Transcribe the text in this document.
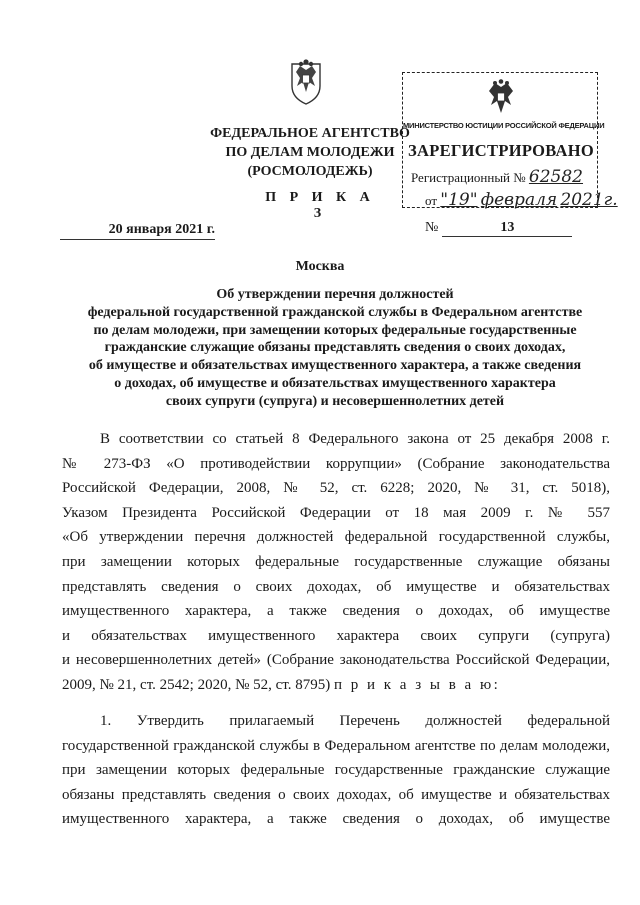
ФЕДЕРАЛЬНОЕ АГЕНТСТВО
ПО ДЕЛАМ МОЛОДЕЖИ
(РОСМОЛОДЕЖЬ)
П Р И К А З
МИНИСТЕРСТВО ЮСТИЦИИ РОССИЙСКОЙ ФЕДЕРАЦИИ
ЗАРЕГИСТРИРОВАНО
Регистрационный № 62582
от "19" февраля 2021г.
20 января 2021 г.	№	13
Москва
Об утверждении перечня должностей
федеральной государственной гражданской службы в Федеральном агентстве
по делам молодежи, при замещении которых федеральные государственные
гражданские служащие обязаны представлять сведения о своих доходах,
об имуществе и обязательствах имущественного характера, а также сведения
о доходах, об имуществе и обязательствах имущественного характера
своих супруги (супруга) и несовершеннолетних детей
В соответствии со статьей 8 Федерального закона от 25 декабря 2008 г.
№ 273-ФЗ «О противодействии коррупции» (Собрание законодательства
Российской Федерации, 2008, № 52, ст. 6228; 2020, № 31, ст. 5018),
Указом Президента Российской Федерации от 18 мая 2009 г. № 557
«Об утверждении перечня должностей федеральной государственной службы,
при замещении которых федеральные государственные служащие обязаны
представлять сведения о своих доходах, об имуществе и обязательствах
имущественного характера, а также сведения о доходах, об имуществе
и обязательствах имущественного характера своих супруги (супруга)
и несовершеннолетних детей» (Собрание законодательства Российской Федерации,
2009, № 21, ст. 2542; 2020, № 52, ст. 8795) п р и к а з ы в а ю:
1. Утвердить прилагаемый Перечень должностей федеральной
государственной гражданской службы в Федеральном агентстве по делам молодежи,
при замещении которых федеральные государственные гражданские служащие
обязаны представлять сведения о своих доходах, об имуществе и обязательствах
имущественного характера, а также сведения о доходах, об имуществе
